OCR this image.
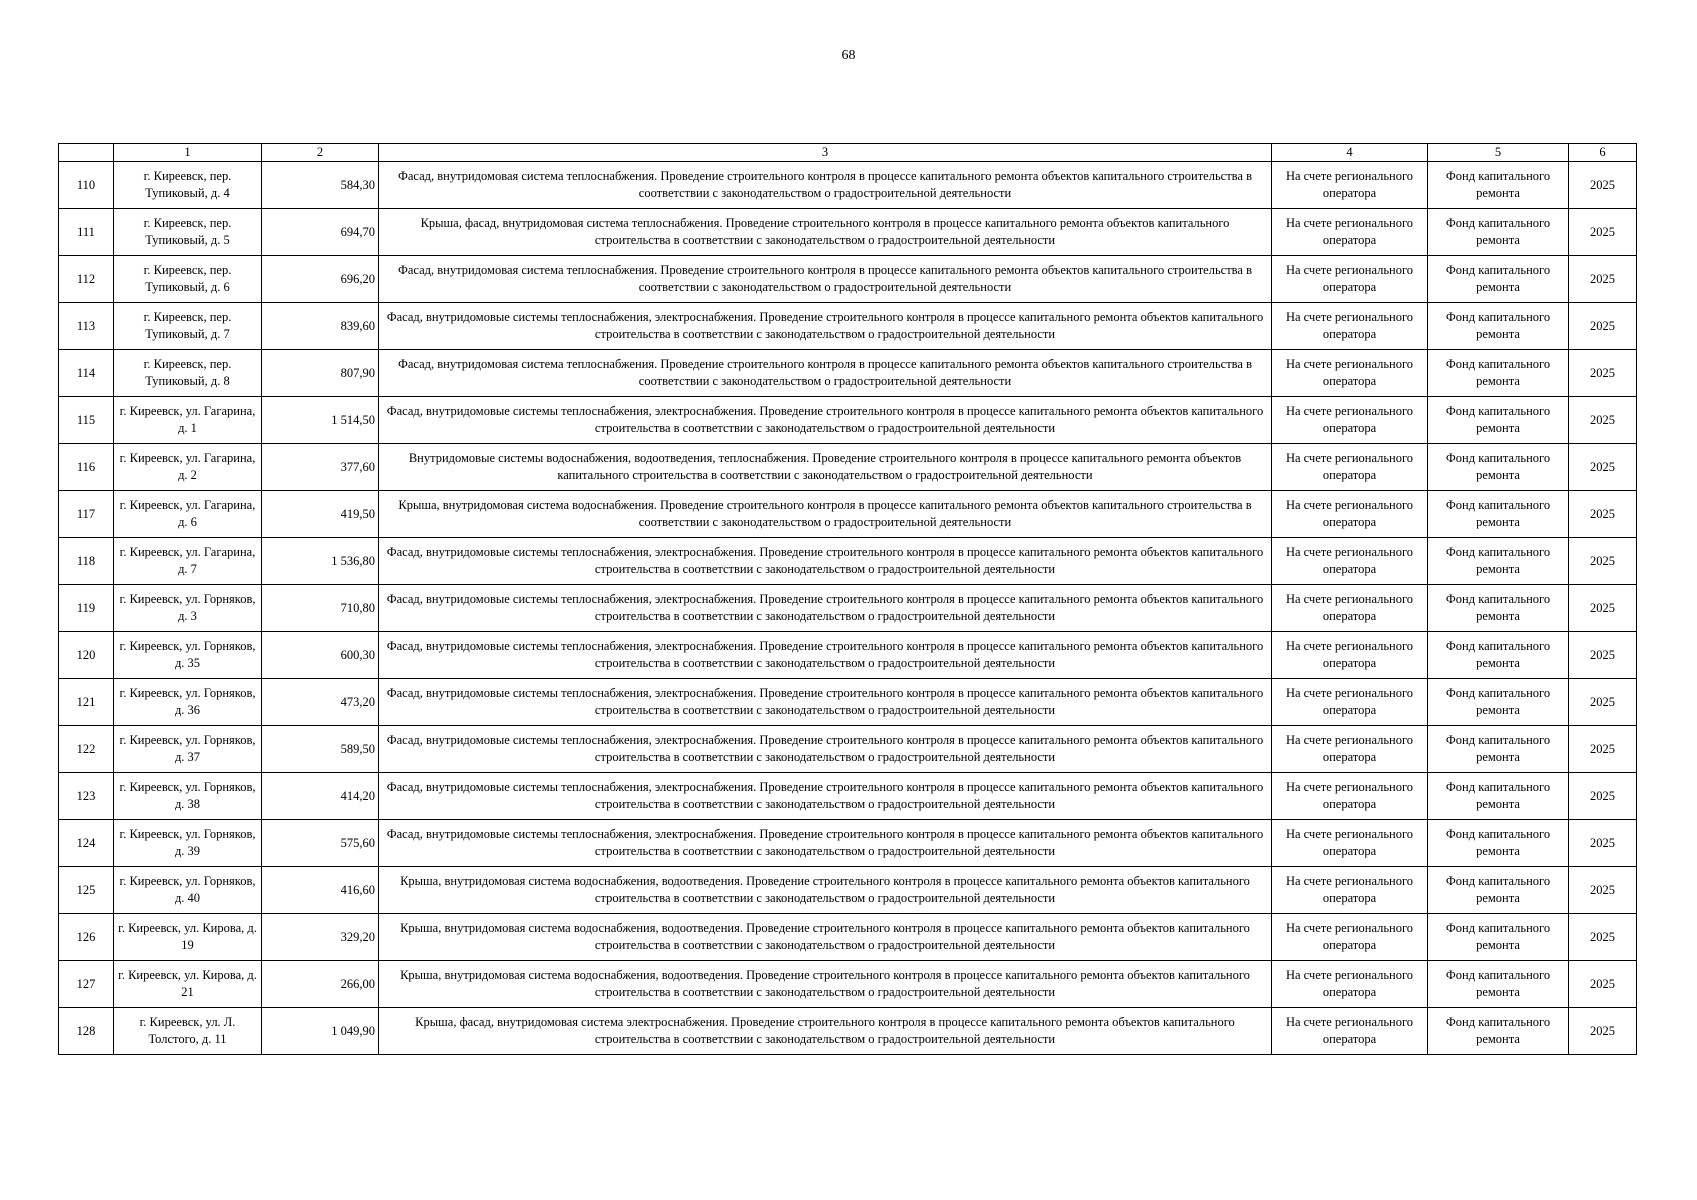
68
	1	2	3	4	5	6
110	г. Киреевск, пер. Тупиковый, д. 4	584,30	Фасад, внутридомовая система теплоснабжения. Проведение строительного контроля в процессе капитального ремонта объектов капитального строительства в соответствии с законодательством о градостроительной деятельности	На счете регионального оператора	Фонд капитального ремонта	2025
111	г. Киреевск, пер. Тупиковый, д. 5	694,70	Крыша, фасад, внутридомовая система теплоснабжения. Проведение строительного контроля в процессе капитального ремонта объектов капитального строительства в соответствии с законодательством о градостроительной деятельности	На счете регионального оператора	Фонд капитального ремонта	2025
112	г. Киреевск, пер. Тупиковый, д. 6	696,20	Фасад, внутридомовая система теплоснабжения. Проведение строительного контроля в процессе капитального ремонта объектов капитального строительства в соответствии с законодательством о градостроительной деятельности	На счете регионального оператора	Фонд капитального ремонта	2025
113	г. Киреевск, пер. Тупиковый, д. 7	839,60	Фасад, внутридомовые системы теплоснабжения, электроснабжения. Проведение строительного контроля в процессе капитального ремонта объектов капитального строительства в соответствии с законодательством о градостроительной деятельности	На счете регионального оператора	Фонд капитального ремонта	2025
114	г. Киреевск, пер. Тупиковый, д. 8	807,90	Фасад, внутридомовая система теплоснабжения. Проведение строительного контроля в процессе капитального ремонта объектов капитального строительства в соответствии с законодательством о градостроительной деятельности	На счете регионального оператора	Фонд капитального ремонта	2025
115	г. Киреевск, ул. Гагарина, д. 1	1 514,50	Фасад, внутридомовые системы теплоснабжения, электроснабжения. Проведение строительного контроля в процессе капитального ремонта объектов капитального строительства в соответствии с законодательством о градостроительной деятельности	На счете регионального оператора	Фонд капитального ремонта	2025
116	г. Киреевск, ул. Гагарина, д. 2	377,60	Внутридомовые системы водоснабжения, водоотведения, теплоснабжения. Проведение строительного контроля в процессе капитального ремонта объектов капитального строительства в соответствии с законодательством о градостроительной деятельности	На счете регионального оператора	Фонд капитального ремонта	2025
117	г. Киреевск, ул. Гагарина, д. 6	419,50	Крыша, внутридомовая система водоснабжения. Проведение строительного контроля в процессе капитального ремонта объектов капитального строительства в соответствии с законодательством о градостроительной деятельности	На счете регионального оператора	Фонд капитального ремонта	2025
118	г. Киреевск, ул. Гагарина, д. 7	1 536,80	Фасад, внутридомовые системы теплоснабжения, электроснабжения. Проведение строительного контроля в процессе капитального ремонта объектов капитального строительства в соответствии с законодательством о градостроительной деятельности	На счете регионального оператора	Фонд капитального ремонта	2025
119	г. Киреевск, ул. Горняков, д. 3	710,80	Фасад, внутридомовые системы теплоснабжения, электроснабжения. Проведение строительного контроля в процессе капитального ремонта объектов капитального строительства в соответствии с законодательством о градостроительной деятельности	На счете регионального оператора	Фонд капитального ремонта	2025
120	г. Киреевск, ул. Горняков, д. 35	600,30	Фасад, внутридомовые системы теплоснабжения, электроснабжения. Проведение строительного контроля в процессе капитального ремонта объектов капитального строительства в соответствии с законодательством о градостроительной деятельности	На счете регионального оператора	Фонд капитального ремонта	2025
121	г. Киреевск, ул. Горняков, д. 36	473,20	Фасад, внутридомовые системы теплоснабжения, электроснабжения. Проведение строительного контроля в процессе капитального ремонта объектов капитального строительства в соответствии с законодательством о градостроительной деятельности	На счете регионального оператора	Фонд капитального ремонта	2025
122	г. Киреевск, ул. Горняков, д. 37	589,50	Фасад, внутридомовые системы теплоснабжения, электроснабжения. Проведение строительного контроля в процессе капитального ремонта объектов капитального строительства в соответствии с законодательством о градостроительной деятельности	На счете регионального оператора	Фонд капитального ремонта	2025
123	г. Киреевск, ул. Горняков, д. 38	414,20	Фасад, внутридомовые системы теплоснабжения, электроснабжения. Проведение строительного контроля в процессе капитального ремонта объектов капитального строительства в соответствии с законодательством о градостроительной деятельности	На счете регионального оператора	Фонд капитального ремонта	2025
124	г. Киреевск, ул. Горняков, д. 39	575,60	Фасад, внутридомовые системы теплоснабжения, электроснабжения. Проведение строительного контроля в процессе капитального ремонта объектов капитального строительства в соответствии с законодательством о градостроительной деятельности	На счете регионального оператора	Фонд капитального ремонта	2025
125	г. Киреевск, ул. Горняков, д. 40	416,60	Крыша, внутридомовая система водоснабжения, водоотведения. Проведение строительного контроля в процессе капитального ремонта объектов капитального строительства в соответствии с законодательством о градостроительной деятельности	На счете регионального оператора	Фонд капитального ремонта	2025
126	г. Киреевск, ул. Кирова, д. 19	329,20	Крыша, внутридомовая система водоснабжения, водоотведения. Проведение строительного контроля в процессе капитального ремонта объектов капитального строительства в соответствии с законодательством о градостроительной деятельности	На счете регионального оператора	Фонд капитального ремонта	2025
127	г. Киреевск, ул. Кирова, д. 21	266,00	Крыша, внутридомовая система водоснабжения, водоотведения. Проведение строительного контроля в процессе капитального ремонта объектов капитального строительства в соответствии с законодательством о градостроительной деятельности	На счете регионального оператора	Фонд капитального ремонта	2025
128	г. Киреевск, ул. Л. Толстого, д. 11	1 049,90	Крыша, фасад, внутридомовая система электроснабжения. Проведение строительного контроля в процессе капитального ремонта объектов капитального строительства в соответствии с законодательством о градостроительной деятельности	На счете регионального оператора	Фонд капитального ремонта	2025
